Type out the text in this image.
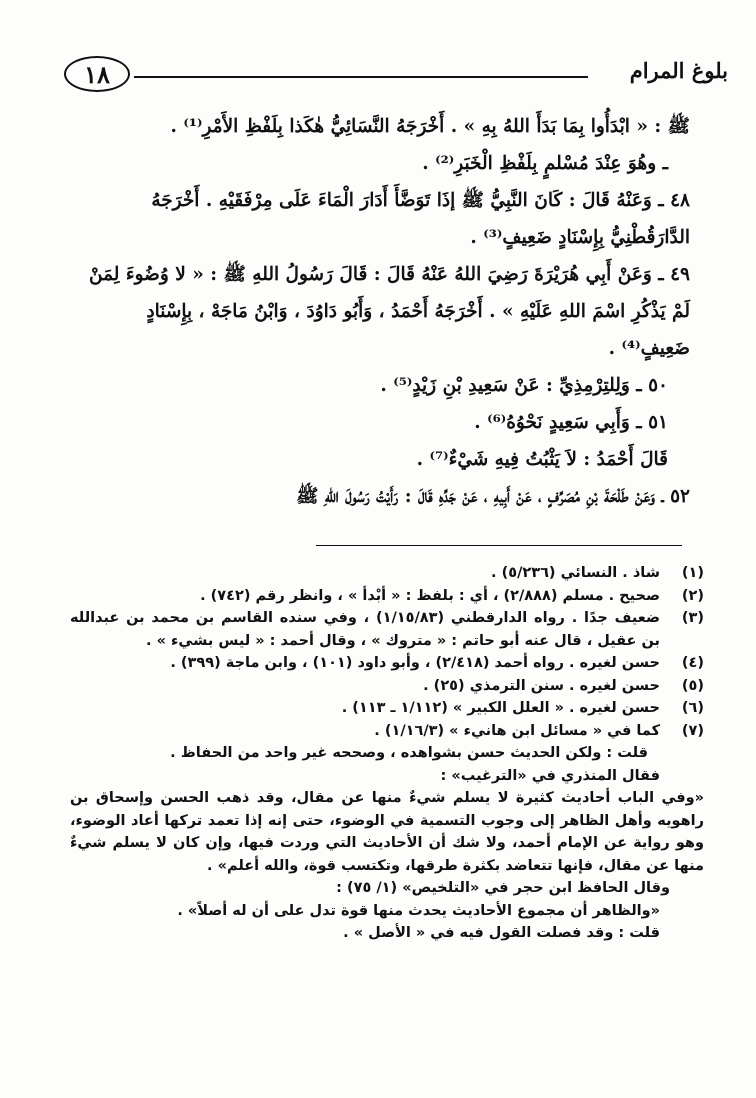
١٨	بلوغ المرام

ﷺ : « ابْدَأُوا بِمَا بَدَأَ اللهُ بِهِ » . أَخْرَجَهُ النَّسَائِيُّ هٰكَذا بِلَفْظِ الأَمْرِ⁽¹⁾ .

ـ وهُوَ عِنْدَ مُسْلمٍ بِلَفْظِ الْخَبَرِ⁽²⁾ .

٤٨ ـ وَعَنْهُ قَالَ : كَانَ النَّبِيُّ ﷺ إذَا تَوَضَّأَ أَدَارَ الْمَاءَ عَلَى مِرْفَقَيْهِ . أَخْرَجَهُ

الدَّارَقُطْنِيُّ بِإِسْنَادٍ ضَعِيفٍ⁽³⁾ .

٤٩ ـ وَعَنْ أَبِي هُرَيْرَةَ رَضِيَ اللهُ عَنْهُ قَالَ : قَالَ رَسُولُ اللهِ ﷺ : « لا وُضُوءَ لِمَنْ

لَمْ يَذْكُرِ اسْمَ اللهِ عَلَيْهِ » . أَخْرَجَهُ أَحْمَدُ ، وَأَبُو دَاوُدَ ، وَابْنُ مَاجَهْ ، بِإِسْنَادٍ

ضَعِيفٍ⁽⁴⁾ .

٥٠ ـ وَلِلتِرْمِذِيِّ : عَنْ سَعِيدِ بْنِ زَيْدٍ⁽⁵⁾ .

٥١ ـ وَأَبِي سَعِيدٍ نَحْوُهُ⁽⁶⁾ .

قَالَ أَحْمَدُ : لاَ يَثْبُتُ فِيهِ شَيْءٌ⁽⁷⁾ .

٥٢ ـ وَعَنْ طَلْحَةَ بْنِ مُصَرِّفٍ ، عَنْ أَبِيهِ ، عَنْ جَدِّهِ قَالَ : رَأَيْتُ رَسُولَ اللهِ ﷺ

(١)
شاذ . النسائي (٥/٢٣٦) .
(٢)
صحيح . مسلم (٢/٨٨٨) ، أي : بلفظ : « أبْدأ » ، وانظر رقم (٧٤٢) .
(٣)
ضعيف جدًا . رواه الدارقطني (١/١٥/٨٣) ، وفي سنده القاسم بن محمد بن عبدالله بن عقيل ، قال عنه أبو حاتم : « متروك » ، وقال أحمد : « ليس بشيء » .
(٤)
حسن لغيره . رواه أحمد (٢/٤١٨) ، وأبو داود (١٠١) ، وابن ماجة (٣٩٩) .
(٥)
حسن لغيره . سنن الترمذي (٢٥) .
(٦)
حسن لغيره . « العلل الكبير » (١/١١٢ ـ ١١٣) .
(٧)
كما في « مسائل ابن هانيء » (١/١٦/٣) .
قلت : ولكن الحديث حسن بشواهده ، وصححه غير واحد من الحفاظ .
فقال المنذري في «الترغيب» :
«وفي الباب أحاديث كثيرة لا يسلم شيءٌ منها عن مقال، وقد ذهب الحسن وإسحاق بن راهويه وأهل الظاهر إلى وجوب التسمية في الوضوء، حتى إنه إذا تعمد تركها أعاد الوضوء، وهو رواية عن الإمام أحمد، ولا شك أن الأحاديث التي وردت فيها، وإن كان لا يسلم شيءٌ منها عن مقال، فإنها تتعاضد بكثرة طرقها، وتكتسب قوة، والله أعلم» .
وقال الحافظ ابن حجر في «التلخيص» (١/ ٧٥) :
«والظاهر أن مجموع الأحاديث يحدث منها قوة تدل على أن له أصلاً» .
قلت : وقد فصلت القول فيه في « الأصل » .
